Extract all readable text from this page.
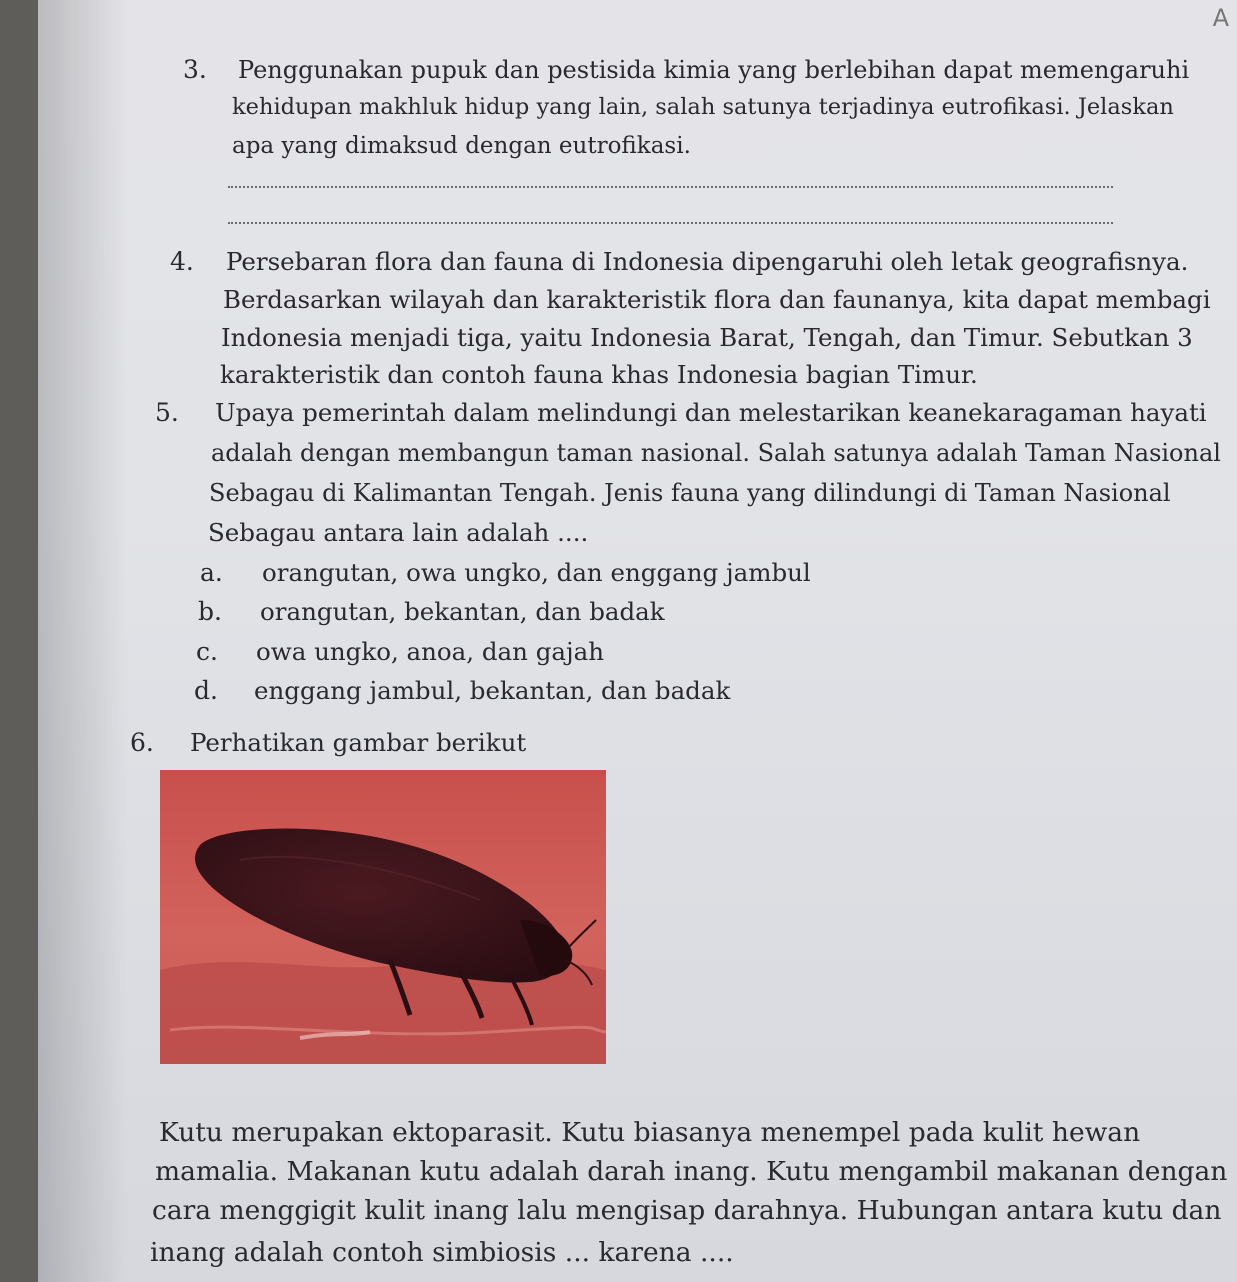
A
3. Penggunakan pupuk dan pestisida kimia yang berlebihan dapat memengaruhi
kehidupan makhluk hidup yang lain, salah satunya terjadinya eutrofikasi. Jelaskan
apa yang dimaksud dengan eutrofikasi.
4. Persebaran flora dan fauna di Indonesia dipengaruhi oleh letak geografisnya.
Berdasarkan wilayah dan karakteristik flora dan faunanya, kita dapat membagi
Indonesia menjadi tiga, yaitu Indonesia Barat, Tengah, dan Timur. Sebutkan 3
karakteristik dan contoh fauna khas Indonesia bagian Timur.
5. Upaya pemerintah dalam melindungi dan melestarikan keanekaragaman hayati
adalah dengan membangun taman nasional. Salah satunya adalah Taman Nasional
Sebagau di Kalimantan Tengah. Jenis fauna yang dilindungi di Taman Nasional
Sebagau antara lain adalah ....
a. orangutan, owa ungko, dan enggang jambul
b. orangutan, bekantan, dan badak
c. owa ungko, anoa, dan gajah
d. enggang jambul, bekantan, dan badak
6. Perhatikan gambar berikut
Kutu merupakan ektoparasit. Kutu biasanya menempel pada kulit hewan
mamalia. Makanan kutu adalah darah inang. Kutu mengambil makanan dengan
cara menggigit kulit inang lalu mengisap darahnya. Hubungan antara kutu dan
inang adalah contoh simbiosis ... karena ....
